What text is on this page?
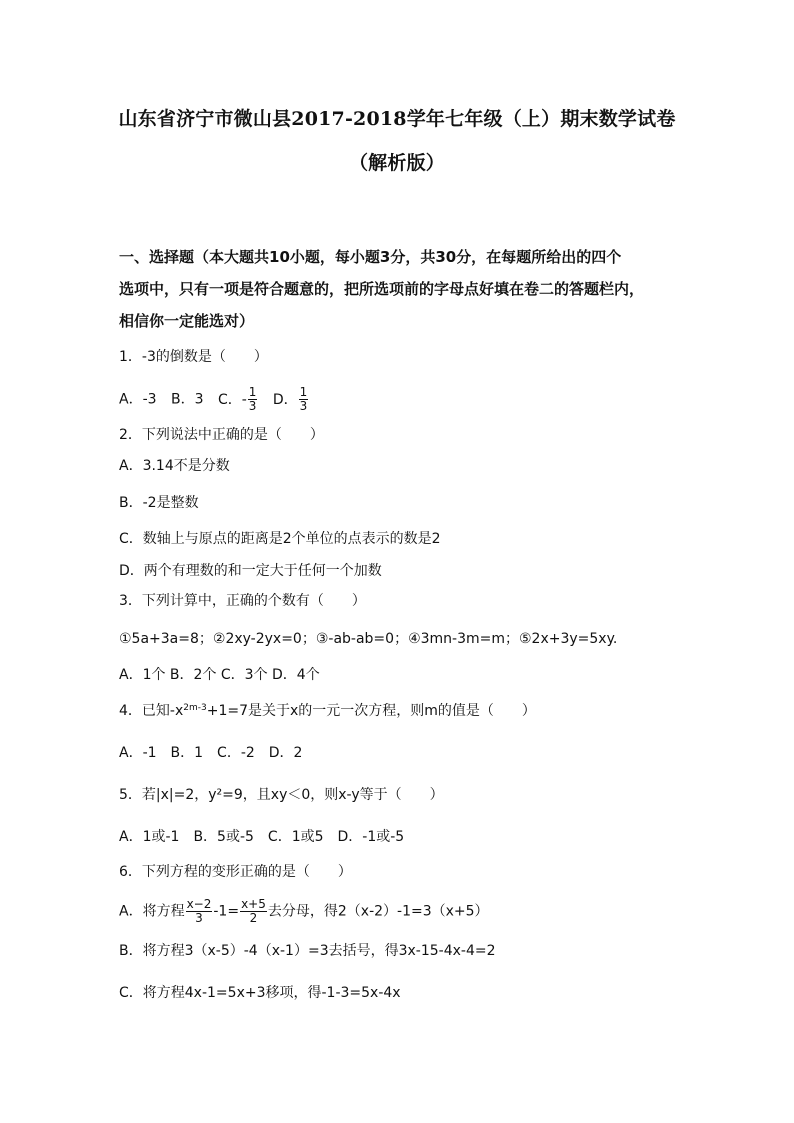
山东省济宁市微山县2017-2018学年七年级（上）期末数学试卷
（解析版）
一、选择题（本大题共10小题，每小题3分，共30分，在每题所给出的四个
选项中，只有一项是符合题意的，把所选项前的字母点好填在卷二的答题栏内，
相信你一定能选对）
1．-3的倒数是（　　）
A．-3 B．3 C．- $\frac{1}{3}$ D． $\frac{1}{3}$
2．下列说法中正确的是（　　）
A．3.14不是分数
B．-2是整数
C．数轴上与原点的距离是2个单位的点表示的数是2
D．两个有理数的和一定大于任何一个加数
3．下列计算中，正确的个数有（　　）
①5a+3a=8；②2xy-2yx=0；③-ab-ab=0；④3mn-3m=m；⑤2x+3y=5xy.
A．1个 B．2个 C．3个 D．4个
4．已知$-x^{2m-3}+1=7$是关于x的一元一次方程，则m的值是（　　）
A．-1　B．1　C．-2　D．2
5．若|x|=2，y²=9，且xy＜0，则x-y等于（　　）
A．1或-1　B．5或-5　C．1或5　D．-1或-5
6．下列方程的变形正确的是（　　）
A．将方程 $\frac{x-2}{3} -1= \frac{x+5}{2}$ 去分母，得2（x-2）-1=3（x+5）
B．将方程3（x-5）-4（x-1）=3去括号，得3x-15-4x-4=2
C．将方程4x-1=5x+3移项，得-1-3=5x-4x
